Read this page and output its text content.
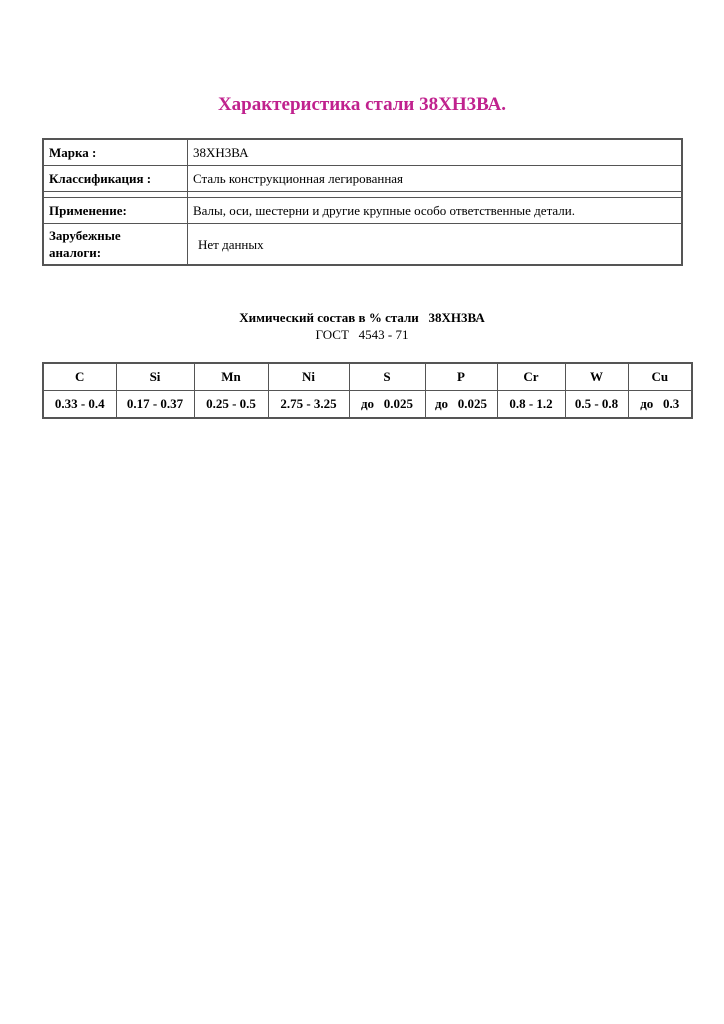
Характеристика стали 38ХН3ВА.
Марка :	38ХН3ВА
Классификация :	Сталь конструкционная легированная

Применение:	Валы, оси, шестерни и другие крупные особо ответственные детали.
Зарубежные
аналоги:	Нет данных
Химический состав в % стали   38ХН3ВА
ГОСТ   4543 - 71
C	Si	Mn	Ni	S	P	Cr	W	Cu
0.33 - 0.4	0.17 - 0.37	0.25 - 0.5	2.75 - 3.25	до   0.025	до   0.025	0.8 - 1.2	0.5 - 0.8	до   0.3
